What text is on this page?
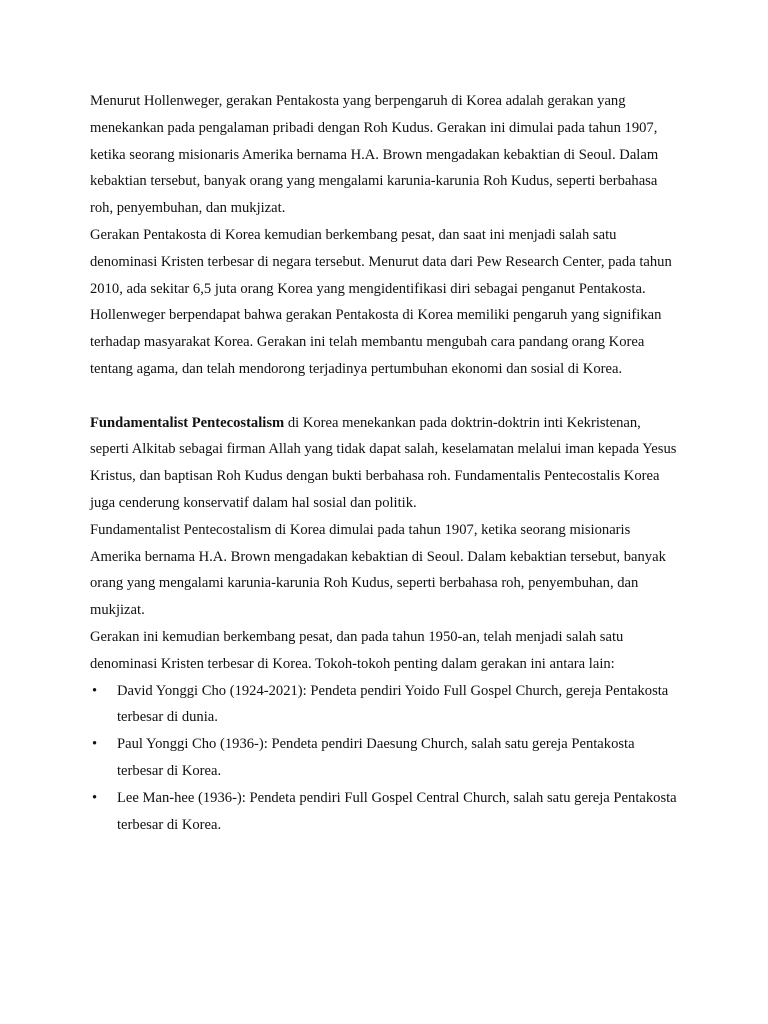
Menurut Hollenweger, gerakan Pentakosta yang berpengaruh di Korea adalah gerakan yang menekankan pada pengalaman pribadi dengan Roh Kudus. Gerakan ini dimulai pada tahun 1907, ketika seorang misionaris Amerika bernama H.A. Brown mengadakan kebaktian di Seoul. Dalam kebaktian tersebut, banyak orang yang mengalami karunia-karunia Roh Kudus, seperti berbahasa roh, penyembuhan, dan mukjizat.

Gerakan Pentakosta di Korea kemudian berkembang pesat, dan saat ini menjadi salah satu denominasi Kristen terbesar di negara tersebut. Menurut data dari Pew Research Center, pada tahun 2010, ada sekitar 6,5 juta orang Korea yang mengidentifikasi diri sebagai penganut Pentakosta.

Hollenweger berpendapat bahwa gerakan Pentakosta di Korea memiliki pengaruh yang signifikan terhadap masyarakat Korea. Gerakan ini telah membantu mengubah cara pandang orang Korea tentang agama, dan telah mendorong terjadinya pertumbuhan ekonomi dan sosial di Korea.

Fundamentalist Pentecostalism di Korea menekankan pada doktrin-doktrin inti Kekristenan, seperti Alkitab sebagai firman Allah yang tidak dapat salah, keselamatan melalui iman kepada Yesus Kristus, dan baptisan Roh Kudus dengan bukti berbahasa roh. Fundamentalis Pentecostalis Korea juga cenderung konservatif dalam hal sosial dan politik.

Fundamentalist Pentecostalism di Korea dimulai pada tahun 1907, ketika seorang misionaris Amerika bernama H.A. Brown mengadakan kebaktian di Seoul. Dalam kebaktian tersebut, banyak orang yang mengalami karunia-karunia Roh Kudus, seperti berbahasa roh, penyembuhan, dan mukjizat.

Gerakan ini kemudian berkembang pesat, dan pada tahun 1950-an, telah menjadi salah satu denominasi Kristen terbesar di Korea. Tokoh-tokoh penting dalam gerakan ini antara lain:

• David Yonggi Cho (1924-2021): Pendeta pendiri Yoido Full Gospel Church, gereja Pentakosta terbesar di dunia.
• Paul Yonggi Cho (1936-): Pendeta pendiri Daesung Church, salah satu gereja Pentakosta terbesar di Korea.
• Lee Man-hee (1936-): Pendeta pendiri Full Gospel Central Church, salah satu gereja Pentakosta terbesar di Korea.
